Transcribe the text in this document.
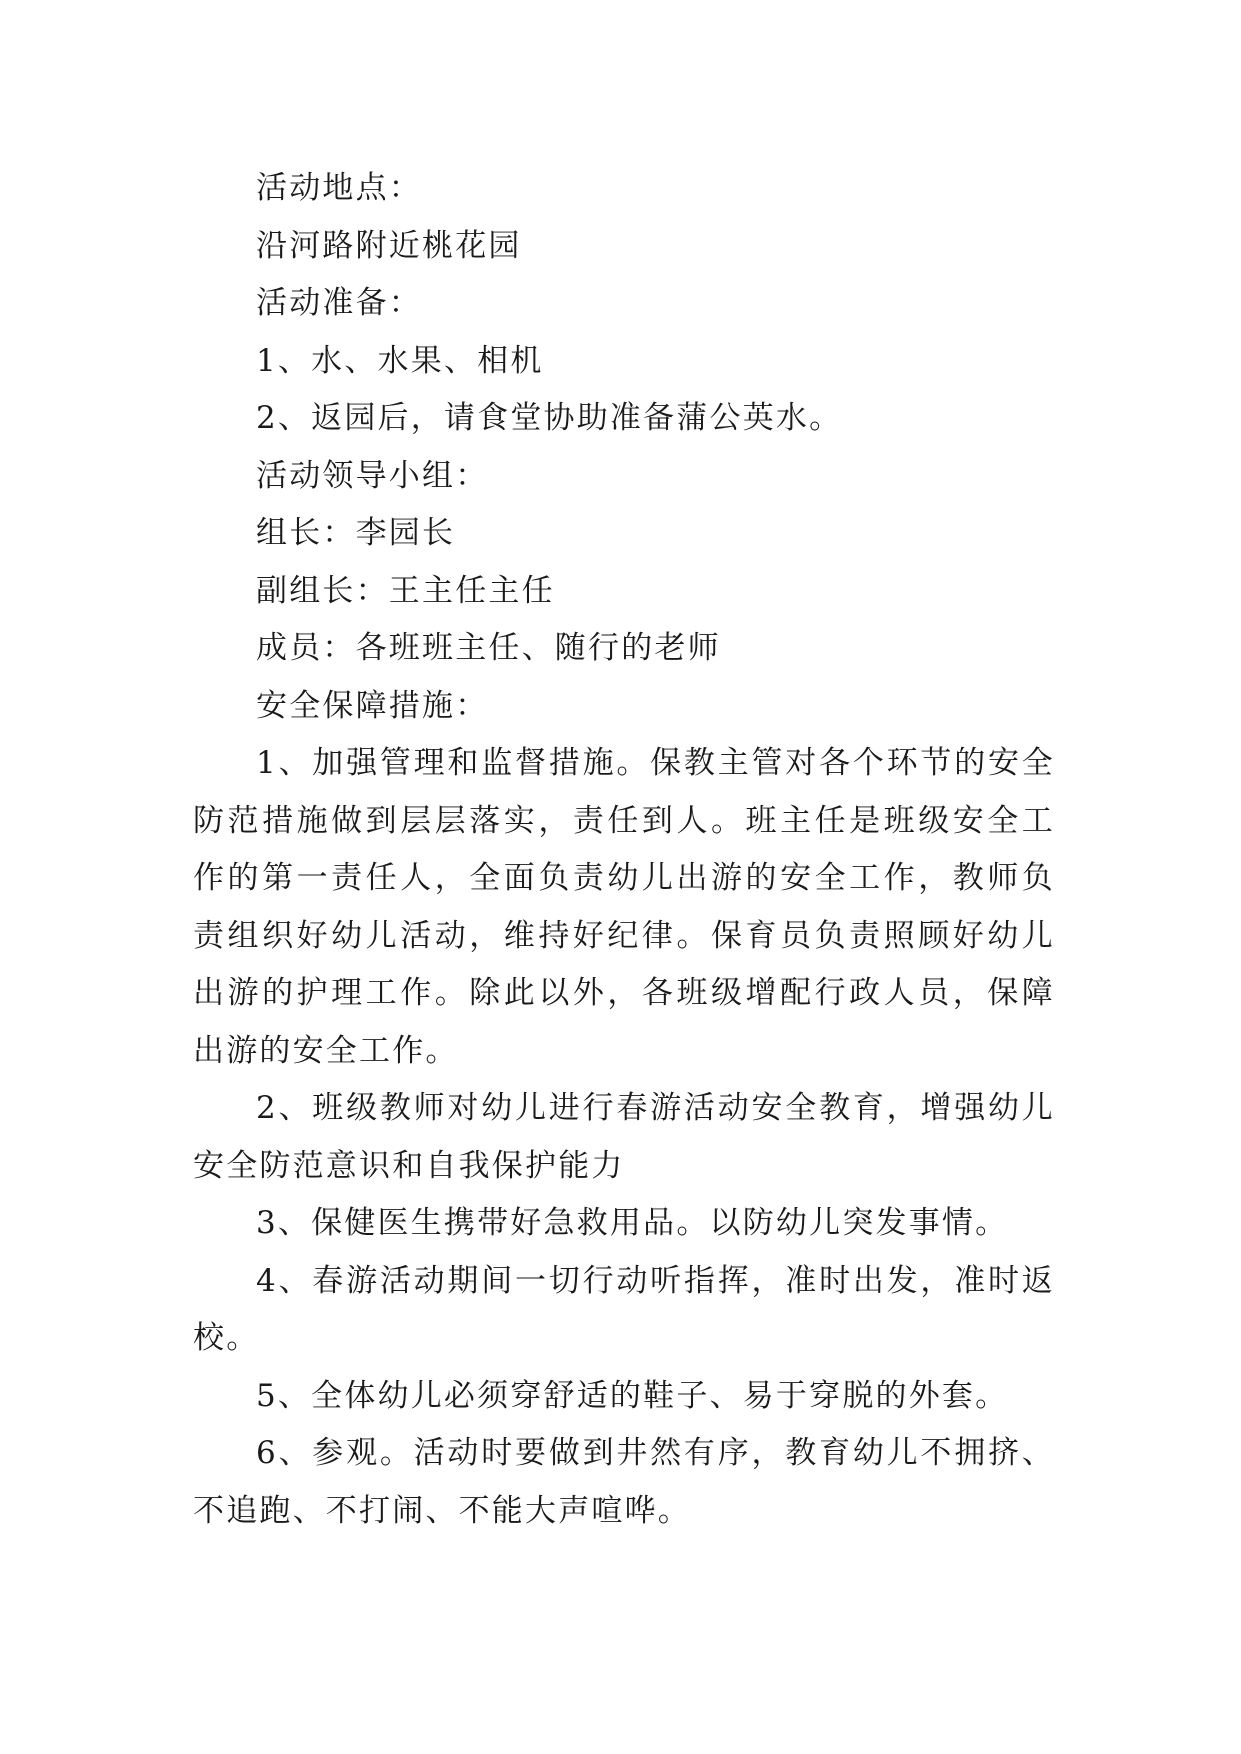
活动地点：

沿河路附近桃花园

活动准备：

1、水、水果、相机

2、返园后，请食堂协助准备蒲公英水。

活动领导小组：

组长：李园长

副组长：王主任主任

成员：各班班主任、随行的老师

安全保障措施：

1、加强管理和监督措施。保教主管对各个环节的安全防范措施做到层层落实，责任到人。班主任是班级安全工作的第一责任人，全面负责幼儿出游的安全工作，教师负责组织好幼儿活动，维持好纪律。保育员负责照顾好幼儿出游的护理工作。除此以外，各班级增配行政人员，保障出游的安全工作。

2、班级教师对幼儿进行春游活动安全教育，增强幼儿安全防范意识和自我保护能力

3、保健医生携带好急救用品。以防幼儿突发事情。

4、春游活动期间一切行动听指挥，准时出发，准时返校。

5、全体幼儿必须穿舒适的鞋子、易于穿脱的外套。

6、参观。活动时要做到井然有序，教育幼儿不拥挤、不追跑、不打闹、不能大声喧哗。
